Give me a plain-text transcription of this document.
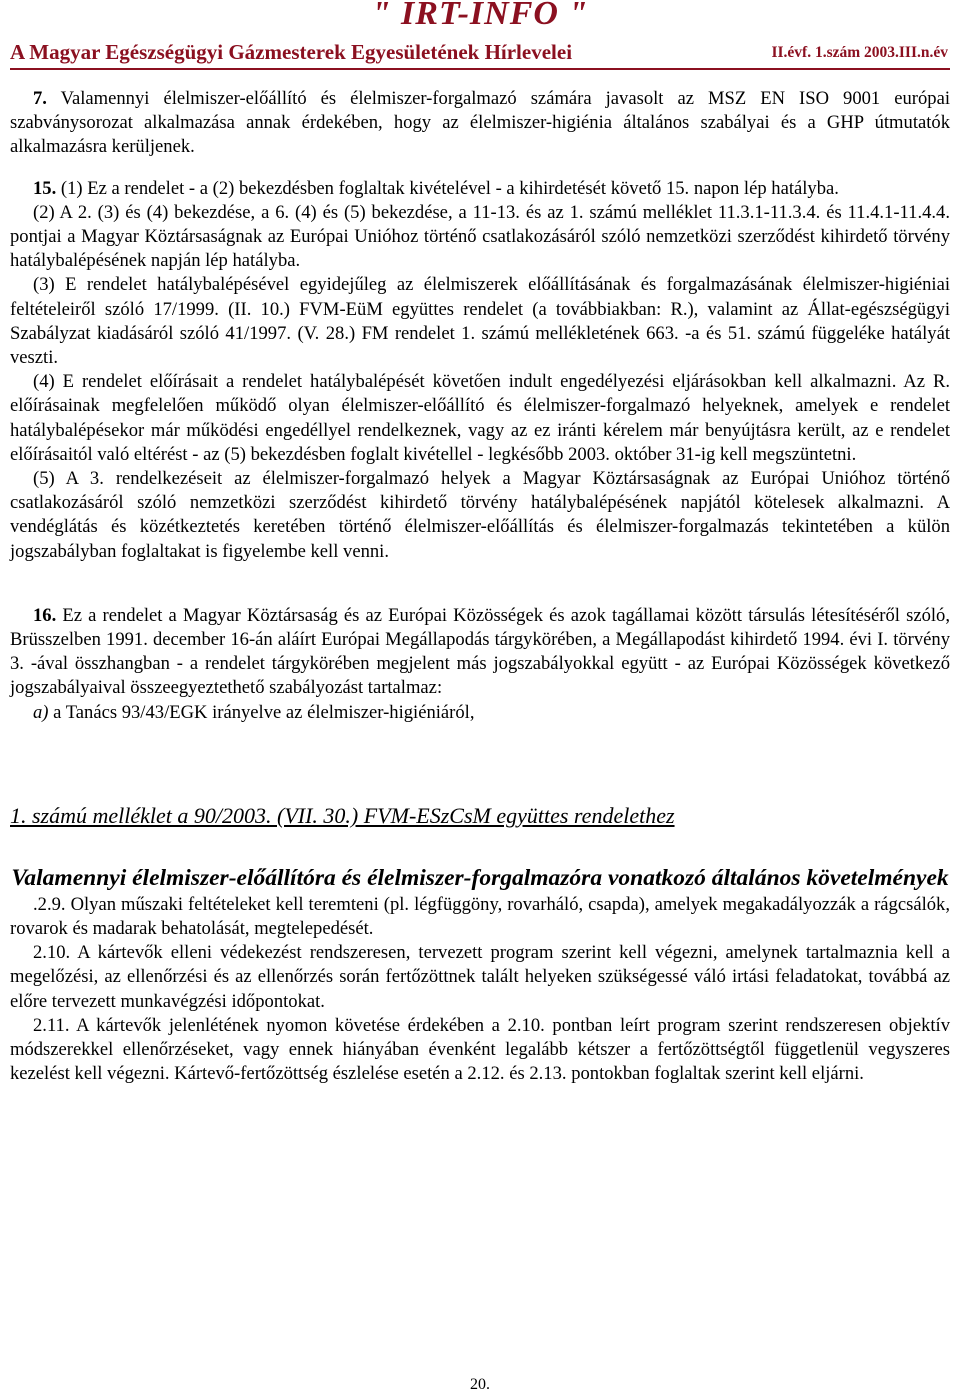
" IRT-INFO "
A Magyar Egészségügyi Gázmesterek Egyesületének Hírlevelei	II.évf. 1.szám 2003.III.n.év

7. Valamennyi élelmiszer-előállító és élelmiszer-forgalmazó számára javasolt az MSZ EN ISO 9001 európai szabványsorozat alkalmazása annak érdekében, hogy az élelmiszer-higiénia általános szabályai és a GHP útmutatók alkalmazásra kerüljenek.

15. (1) Ez a rendelet - a (2) bekezdésben foglaltak kivételével - a kihirdetését követő 15. napon lép hatályba.

(2) A 2. (3) és (4) bekezdése, a 6. (4) és (5) bekezdése, a 11-13. és az 1. számú melléklet 11.3.1-11.3.4. és 11.4.1-11.4.4. pontjai a Magyar Köztársaságnak az Európai Unióhoz történő csatlakozásáról szóló nemzetközi szerződést kihirdető törvény hatálybalépésének napján lép hatályba.

(3) E rendelet hatálybalépésével egyidejűleg az élelmiszerek előállításának és forgalmazásának élelmiszer-higiéniai feltételeiről szóló 17/1999. (II. 10.) FVM-EüM együttes rendelet (a továbbiakban: R.), valamint az Állat-egészségügyi Szabályzat kiadásáról szóló 41/1997. (V. 28.) FM rendelet 1. számú mellékletének 663. -a és 51. számú függeléke hatályát veszti.

(4) E rendelet előírásait a rendelet hatálybalépését követően indult engedélyezési eljárásokban kell alkalmazni. Az R. előírásainak megfelelően működő olyan élelmiszer-előállító és élelmiszer-forgalmazó helyeknek, amelyek e rendelet hatálybalépésekor már működési engedéllyel rendelkeznek, vagy az ez iránti kérelem már benyújtásra került, az e rendelet előírásaitól való eltérést - az (5) bekezdésben foglalt kivétellel - legkésőbb 2003. október 31-ig kell megszüntetni.

(5) A 3. rendelkezéseit az élelmiszer-forgalmazó helyek a Magyar Köztársaságnak az Európai Unióhoz történő csatlakozásáról szóló nemzetközi szerződést kihirdető törvény hatálybalépésének napjától kötelesek alkalmazni. A vendéglátás és közétkeztetés keretében történő élelmiszer-előállítás és élelmiszer-forgalmazás tekintetében a külön jogszabályban foglaltakat is figyelembe kell venni.

16. Ez a rendelet a Magyar Köztársaság és az Európai Közösségek és azok tagállamai között társulás létesítéséről szóló, Brüsszelben 1991. december 16-án aláírt Európai Megállapodás tárgykörében, a Megállapodást kihirdető 1994. évi I. törvény 3. -ával összhangban - a rendelet tárgykörében megjelent más jogszabályokkal együtt - az Európai Közösségek következő jogszabályaival összeegyeztethető szabályozást tartalmaz:

a) a Tanács 93/43/EGK irányelve az élelmiszer-higiéniáról,

1. számú melléklet a 90/2003. (VII. 30.) FVM-ESzCsM együttes rendelethez

Valamennyi élelmiszer-előállítóra és élelmiszer-forgalmazóra vonatkozó általános követelmények

.2.9. Olyan műszaki feltételeket kell teremteni (pl. légfüggöny, rovarháló, csapda), amelyek megakadályozzák a rágcsálók, rovarok és madarak behatolását, megtelepedését.

2.10. A kártevők elleni védekezést rendszeresen, tervezett program szerint kell végezni, amelynek tartalmaznia kell a megelőzési, az ellenőrzési és az ellenőrzés során fertőzöttnek talált helyeken szükségessé váló irtási feladatokat, továbbá az előre tervezett munkavégzési időpontokat.

2.11. A kártevők jelenlétének nyomon követése érdekében a 2.10. pontban leírt program szerint rendszeresen objektív módszerekkel ellenőrzéseket, vagy ennek hiányában évenként legalább kétszer a fertőzöttségtől függetlenül vegyszeres kezelést kell végezni. Kártevő-fertőzöttség észlelése esetén a 2.12. és 2.13. pontokban foglaltak szerint kell eljárni.

20.
